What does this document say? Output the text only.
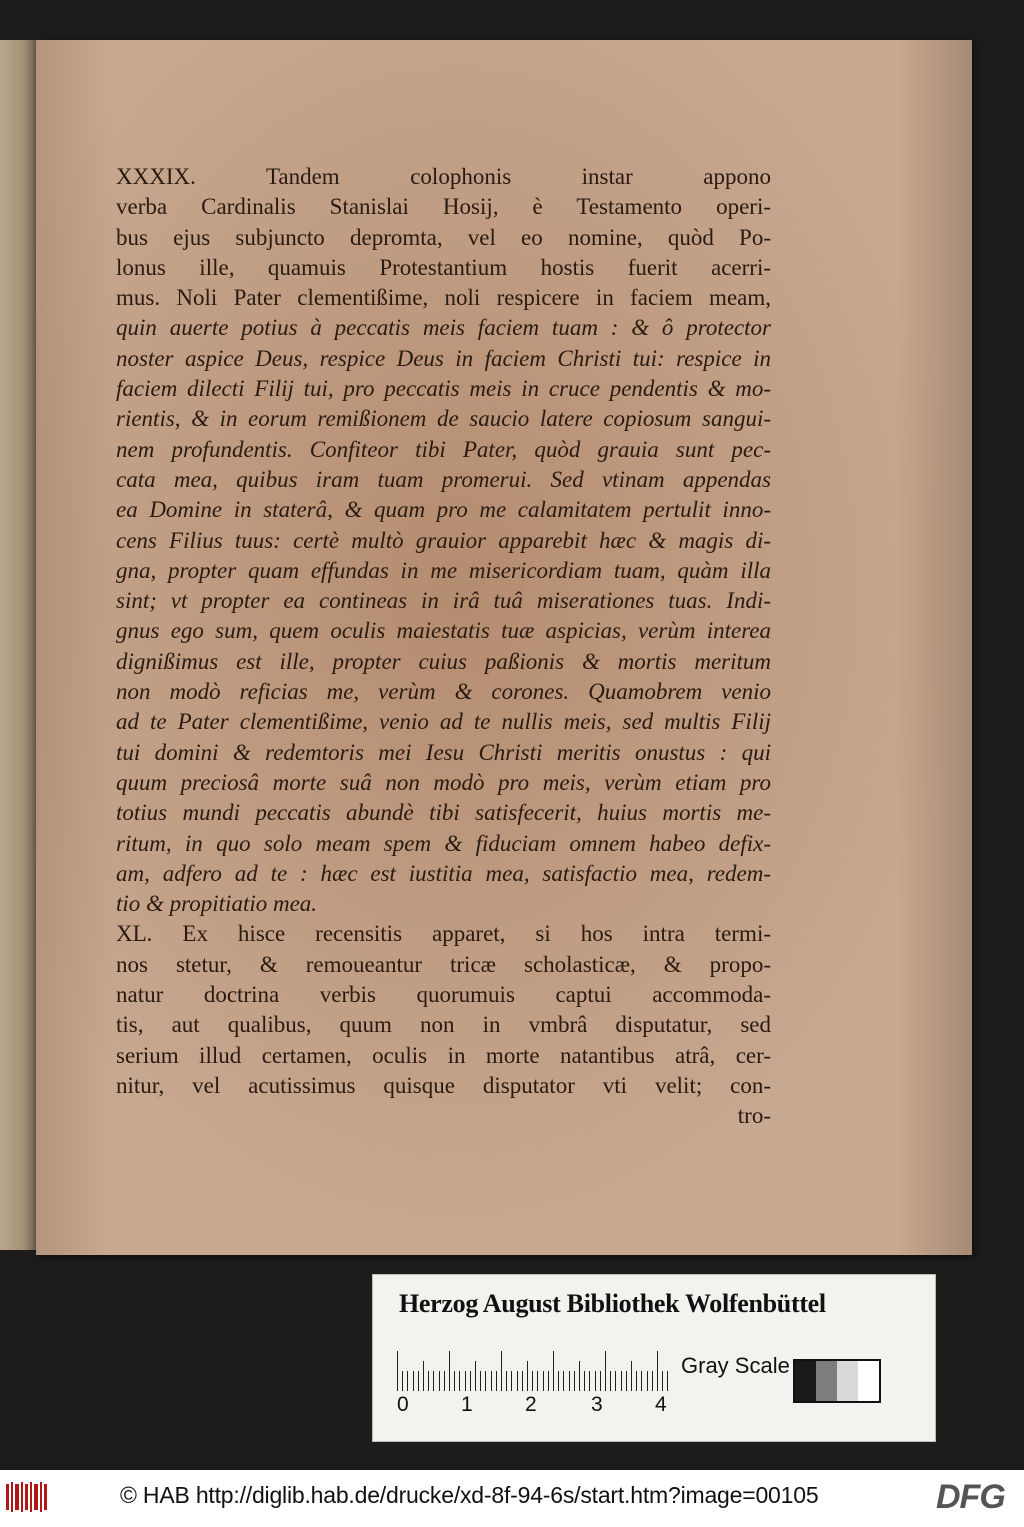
XXXIX. Tandem colophonis instar appono
verba Cardinalis Stanislai Hosij, è Testamento operi-
bus ejus subjuncto depromta, vel eo nomine, quòd Po-
lonus ille, quamuis Protestantium hostis fuerit acerri-
mus. Noli Pater clementißime, noli respicere in faciem meam,
quin auerte potius à peccatis meis faciem tuam : & ô protector
noster aspice Deus, respice Deus in faciem Christi tui: respice in
faciem dilecti Filij tui, pro peccatis meis in cruce pendentis & mo-
rientis, & in eorum remißionem de saucio latere copiosum sangui-
nem profundentis. Confiteor tibi Pater, quòd grauia sunt pec-
cata mea, quibus iram tuam promerui. Sed vtinam appendas
ea Domine in staterâ, & quam pro me calamitatem pertulit inno-
cens Filius tuus: certè multò grauior apparebit hæc & magis di-
gna, propter quam effundas in me misericordiam tuam, quàm illa
sint; vt propter ea contineas in irâ tuâ miserationes tuas. Indi-
gnus ego sum, quem oculis maiestatis tuæ aspicias, verùm interea
dignißimus est ille, propter cuius paßionis & mortis meritum
non modò reficias me, verùm & corones. Quamobrem venio
ad te Pater clementißime, venio ad te nullis meis, sed multis Filij
tui domini & redemtoris mei Iesu Christi meritis onustus : qui
quum preciosâ morte suâ non modò pro meis, verùm etiam pro
totius mundi peccatis abundè tibi satisfecerit, huius mortis me-
ritum, in quo solo meam spem & fiduciam omnem habeo defix-
am, adfero ad te : hæc est iustitia mea, satisfactio mea, redem-
tio & propitiatio mea.
XL. Ex hisce recensitis apparet, si hos intra termi-
nos stetur, & remoueantur tricæ scholasticæ, & propo-
natur doctrina verbis quorumuis captui accommoda-
tis, aut qualibus, quum non in vmbrâ disputatur, sed
serium illud certamen, oculis in morte natantibus atrâ, cer-
nitur, vel acutissimus quisque disputator vti velit; con-
tro-
Herzog August Bibliothek Wolfenbüttel
0 1 2	3 4
Gray Scale
© HAB http://diglib.hab.de/drucke/xd-8f-94-6s/start.htm?image=00105	DFG
